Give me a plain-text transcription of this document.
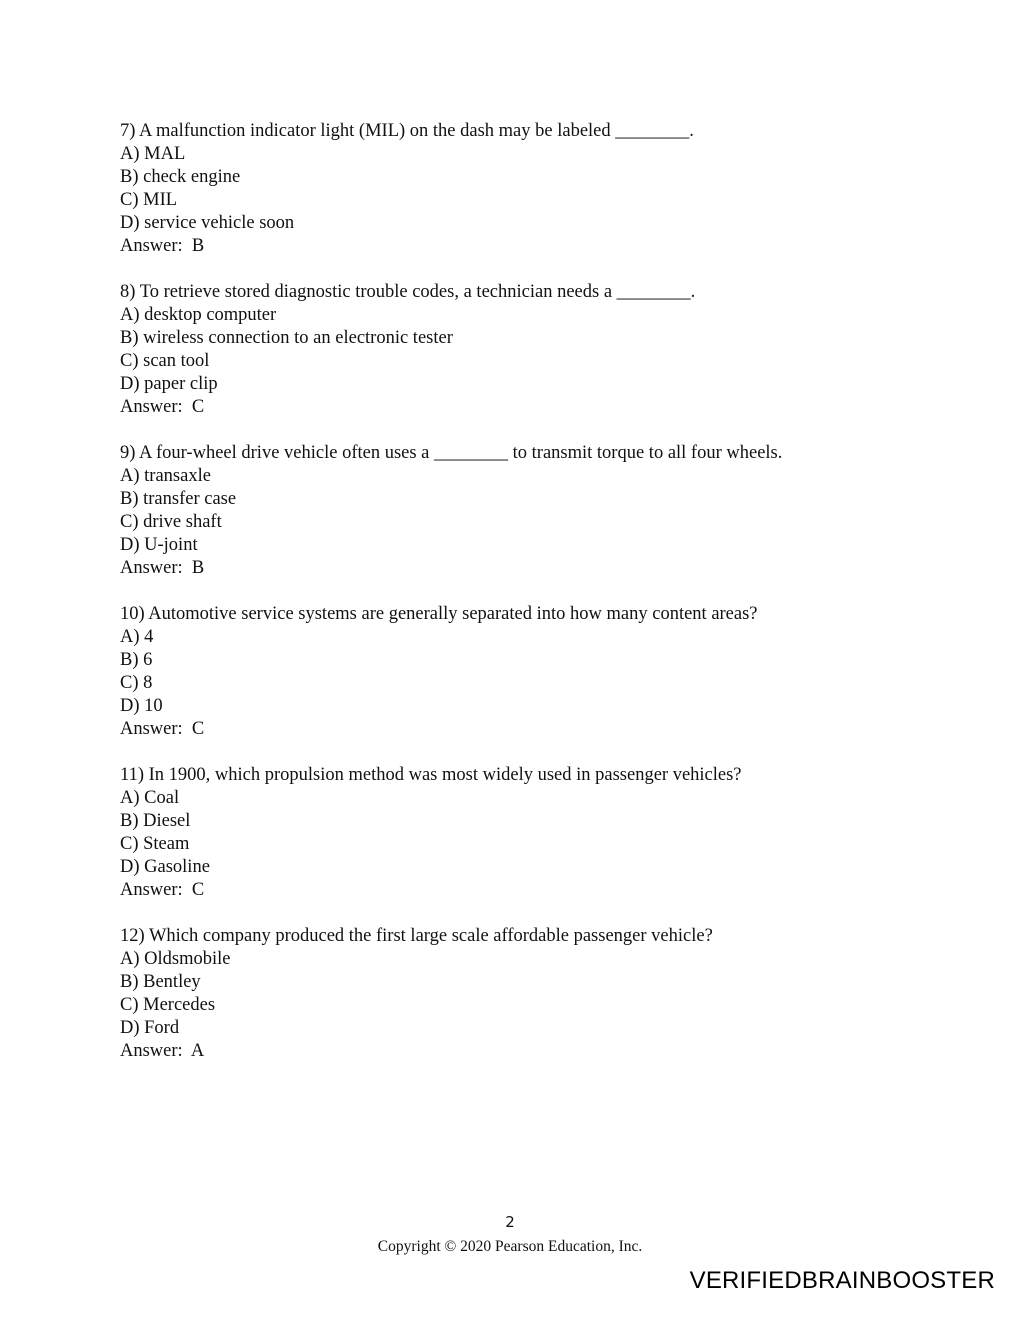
7) A malfunction indicator light (MIL) on the dash may be labeled ________.
A) MAL
B) check engine
C) MIL
D) service vehicle soon
Answer:  B
8) To retrieve stored diagnostic trouble codes, a technician needs a ________.
A) desktop computer
B) wireless connection to an electronic tester
C) scan tool
D) paper clip
Answer:  C
9) A four-wheel drive vehicle often uses a ________ to transmit torque to all four wheels.
A) transaxle
B) transfer case
C) drive shaft
D) U-joint
Answer:  B
10) Automotive service systems are generally separated into how many content areas?
A) 4
B) 6
C) 8
D) 10
Answer:  C
11) In 1900, which propulsion method was most widely used in passenger vehicles?
A) Coal
B) Diesel
C) Steam
D) Gasoline
Answer:  C
12) Which company produced the first large scale affordable passenger vehicle?
A) Oldsmobile
B) Bentley
C) Mercedes
D) Ford
Answer:  A
2
Copyright © 2020 Pearson Education, Inc.
VERIFIEDBRAINBOOSTER
